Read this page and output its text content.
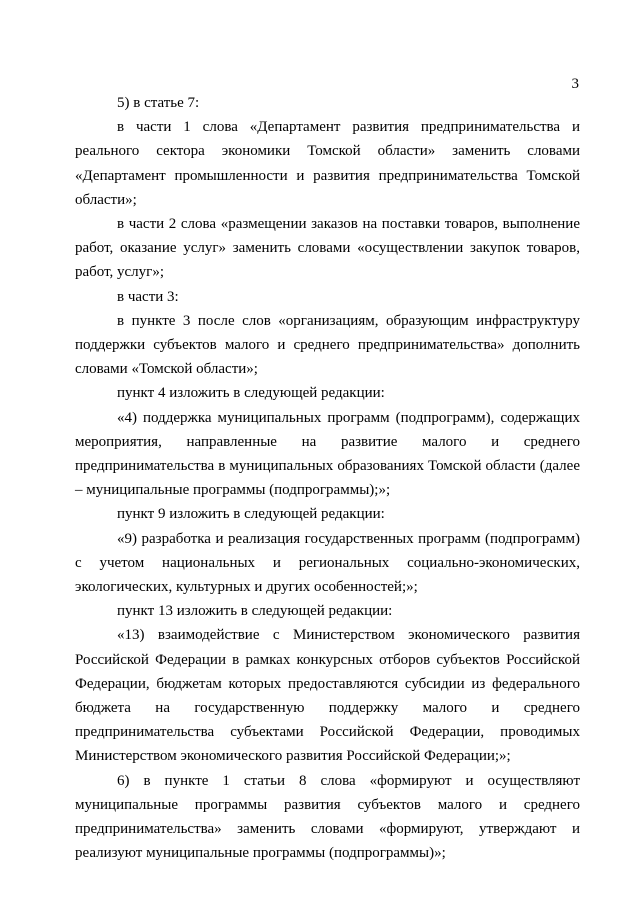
3

5) в статье 7:

в части 1 слова «Департамент развития предпринимательства и реального сектора экономики Томской области» заменить словами «Департамент промышленности и развития предпринимательства Томской области»;

в части 2 слова «размещении заказов на поставки товаров, выполнение работ, оказание услуг» заменить словами «осуществлении закупок товаров, работ, услуг»;

в части 3:

в пункте 3 после слов «организациям, образующим инфраструктуру поддержки субъектов малого и среднего предпринимательства» дополнить словами «Томской области»;

пункт 4 изложить в следующей редакции:

«4) поддержка муниципальных программ (подпрограмм), содержащих мероприятия, направленные на развитие малого и среднего предпринимательства в муниципальных образованиях Томской области (далее – муниципальные программы (подпрограммы);»;

пункт 9 изложить в следующей редакции:

«9) разработка и реализация государственных программ (подпрограмм) с учетом национальных и региональных социально-экономических, экологических, культурных и других особенностей;»;

пункт 13 изложить в следующей редакции:

«13) взаимодействие с Министерством экономического развития Российской Федерации в рамках конкурсных отборов субъектов Российской Федерации, бюджетам которых предоставляются субсидии из федерального бюджета на государственную поддержку малого и среднего предпринимательства субъектами Российской Федерации, проводимых Министерством экономического развития Российской Федерации;»;

6) в пункте 1 статьи 8 слова «формируют и осуществляют муниципальные программы развития субъектов малого и среднего предпринимательства» заменить словами «формируют, утверждают и реализуют муниципальные программы (подпрограммы)»;
